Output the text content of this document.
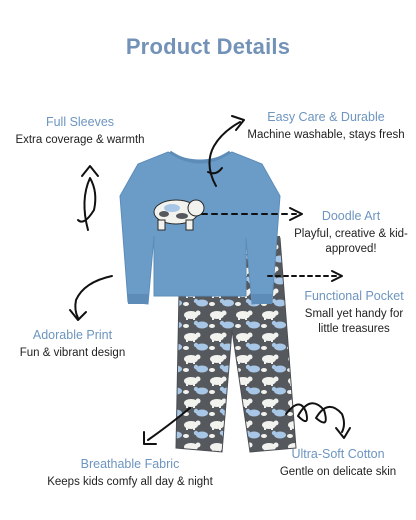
Product Details
Full Sleeves
Extra coverage & warmth
Easy Care & Durable
Machine washable, stays fresh
Doodle Art
Playful, creative & kid-approved!
Functional Pocket
Small yet handy for little treasures
Adorable Print
Fun & vibrant design
Ultra-Soft Cotton
Gentle on delicate skin
Breathable Fabric
Keeps kids comfy all day & night
